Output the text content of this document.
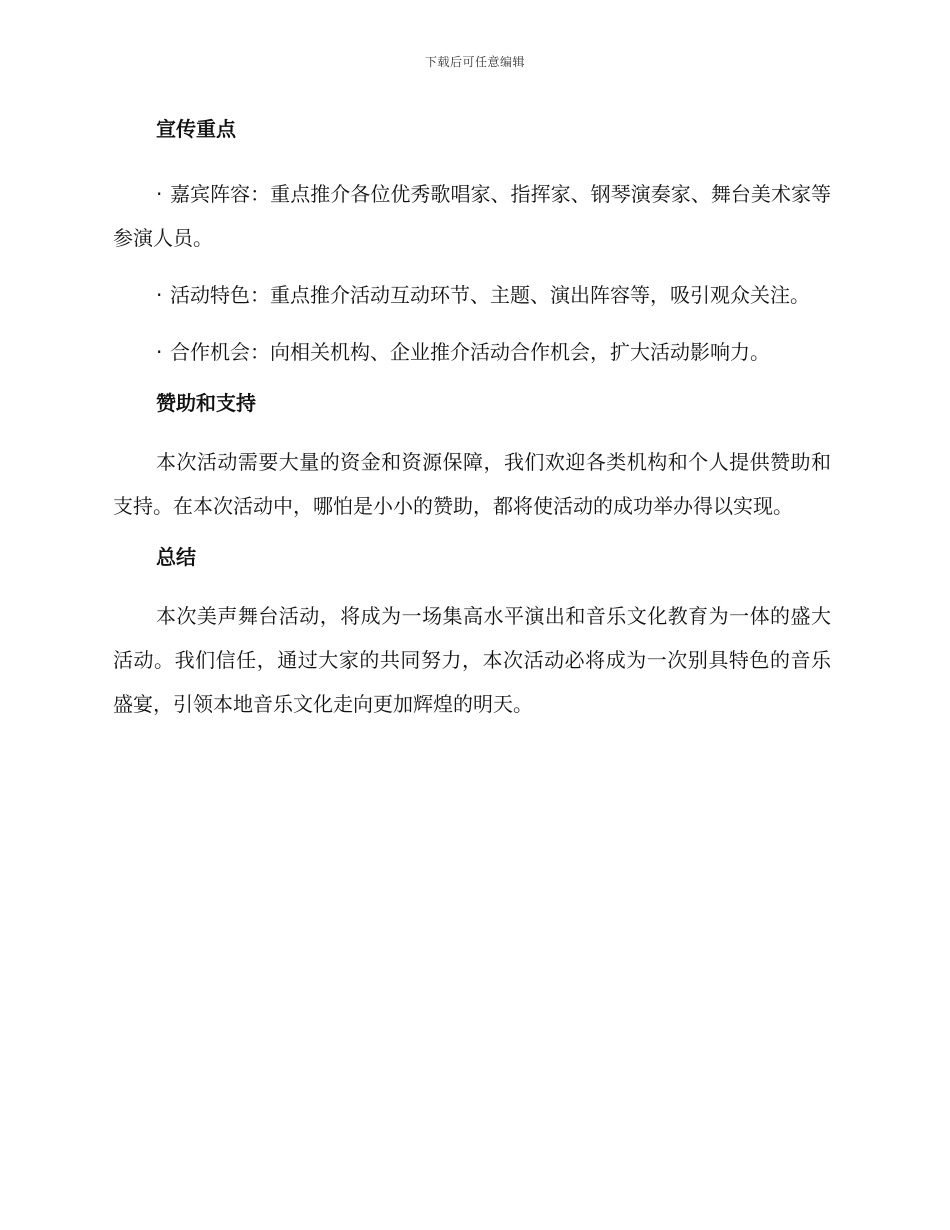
下载后可任意编辑
宣传重点

· 嘉宾阵容：重点推介各位优秀歌唱家、指挥家、钢琴演奏家、舞台美术家等参演人员。

· 活动特色：重点推介活动互动环节、主题、演出阵容等，吸引观众关注。

· 合作机会：向相关机构、企业推介活动合作机会，扩大活动影响力。

赞助和支持

本次活动需要大量的资金和资源保障，我们欢迎各类机构和个人提供赞助和支持。在本次活动中，哪怕是小小的赞助，都将使活动的成功举办得以实现。

总结

本次美声舞台活动，将成为一场集高水平演出和音乐文化教育为一体的盛大活动。我们信任，通过大家的共同努力，本次活动必将成为一次别具特色的音乐盛宴，引领本地音乐文化走向更加辉煌的明天。
